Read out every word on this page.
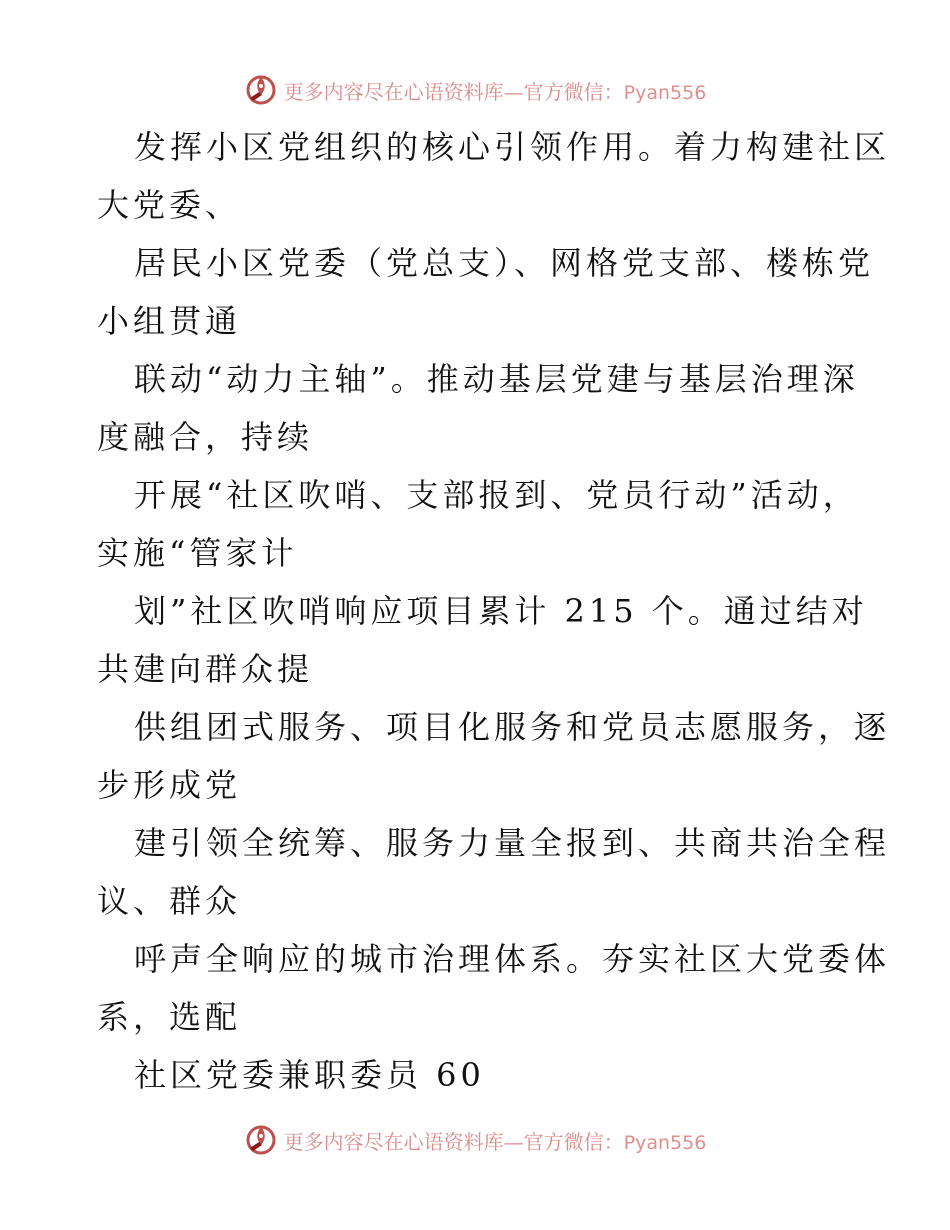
更多内容尽在心语资料库—官方微信：Pyan556

发挥小区党组织的核心引领作用。着力构建社区
大党委、

居民小区党委（党总支）、网格党支部、楼栋党
小组贯通

联动“动力主轴”。推动基层党建与基层治理深
度融合，持续

开展“社区吹哨、支部报到、党员行动”活动，
实施“管家计

划”社区吹哨响应项目累计 215 个。通过结对
共建向群众提

供组团式服务、项目化服务和党员志愿服务，逐
步形成党

建引领全统筹、服务力量全报到、共商共治全程
议、群众

呼声全响应的城市治理体系。夯实社区大党委体
系，选配

社区党委兼职委员 60

更多内容尽在心语资料库—官方微信：Pyan556
